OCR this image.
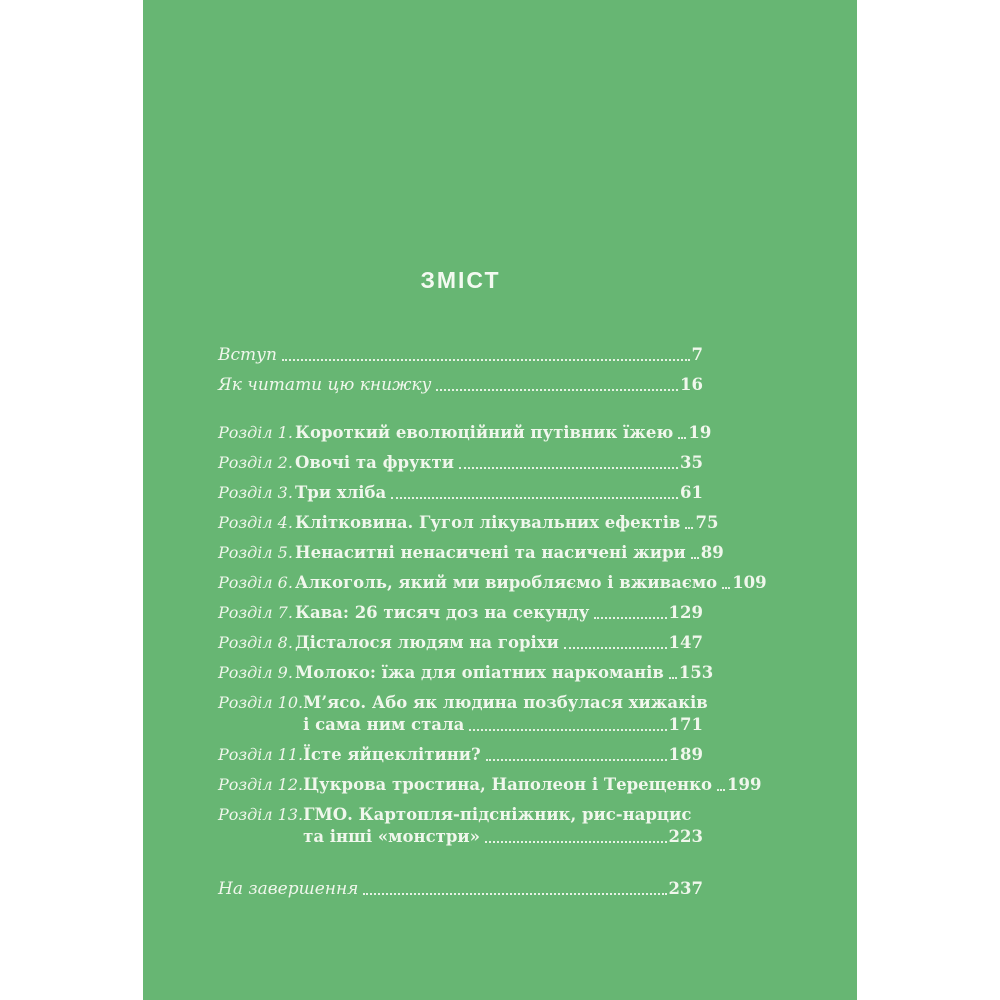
ЗМІСТ
Вступ	7
Як читати цю книжку	16
Розділ 1. Короткий еволюційний путівник їжею 19
Розділ 2. Овочі та фрукти	35
Розділ 3. Три хліба	61
Розділ 4. Клітковина. Гугол лікувальних ефектів 75
Розділ 5. Ненаситні ненасичені та насичені жири 89
Розділ 6. Алкоголь, який ми виробляємо і вживаємо 109
Розділ 7. Кава: 26 тисяч доз на секунду	129
Розділ 8. Дісталося людям на горіхи	147
Розділ 9. Молоко: їжа для опіатних наркоманів 153
Розділ 10. М’ясо. Або як людина позбулася хижаків
і сама ним стала	171
Розділ 11. Їсте яйцеклітини?	189
Розділ 12. Цукрова тростина, Наполеон і Терещенко 199
Розділ 13. ГМО. Картопля-підсніжник, рис-нарцис
та інші «монстри»	223
На завершення	237
